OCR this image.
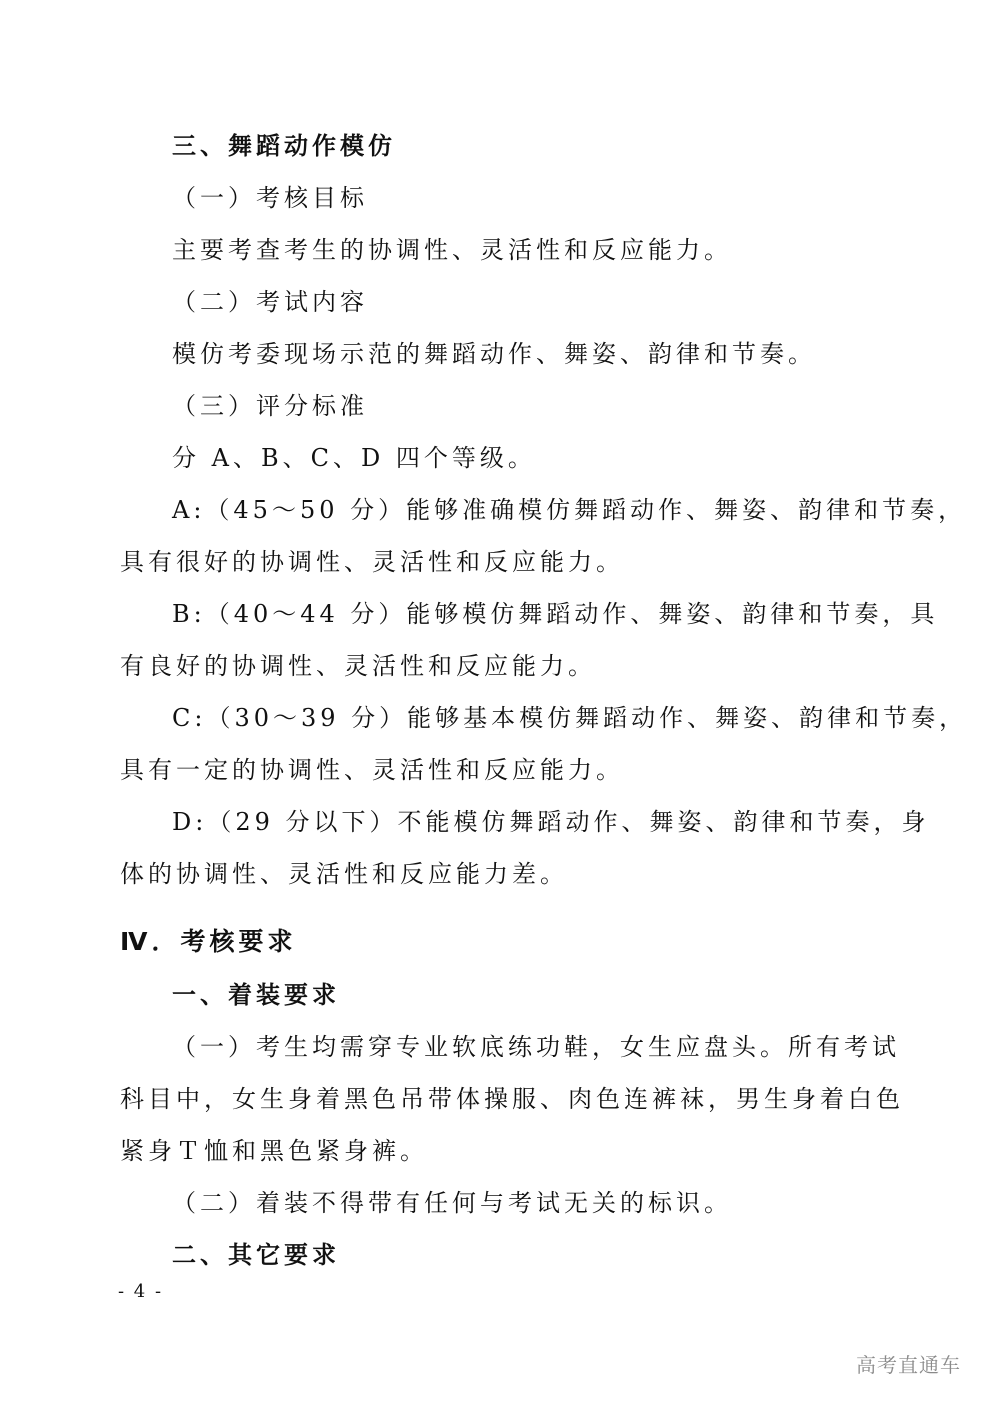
三、舞蹈动作模仿
（一）考核目标
主要考查考生的协调性、灵活性和反应能力。
（二）考试内容
模仿考委现场示范的舞蹈动作、舞姿、韵律和节奏。
（三）评分标准
分 A、B、C、D 四个等级。
A:（45～50 分）能够准确模仿舞蹈动作、舞姿、韵律和节奏，
具有很好的协调性、灵活性和反应能力。
B:（40～44 分）能够模仿舞蹈动作、舞姿、韵律和节奏，具
有良好的协调性、灵活性和反应能力。
C:（30～39 分）能够基本模仿舞蹈动作、舞姿、韵律和节奏，
具有一定的协调性、灵活性和反应能力。
D:（29 分以下）不能模仿舞蹈动作、舞姿、韵律和节奏，身
体的协调性、灵活性和反应能力差。
Ⅳ．考核要求
一、着装要求
（一）考生均需穿专业软底练功鞋，女生应盘头。所有考试
科目中，女生身着黑色吊带体操服、肉色连裤袜，男生身着白色
紧身Ｔ恤和黑色紧身裤。
（二）着装不得带有任何与考试无关的标识。
二、其它要求
- 4 -
高考直通车
